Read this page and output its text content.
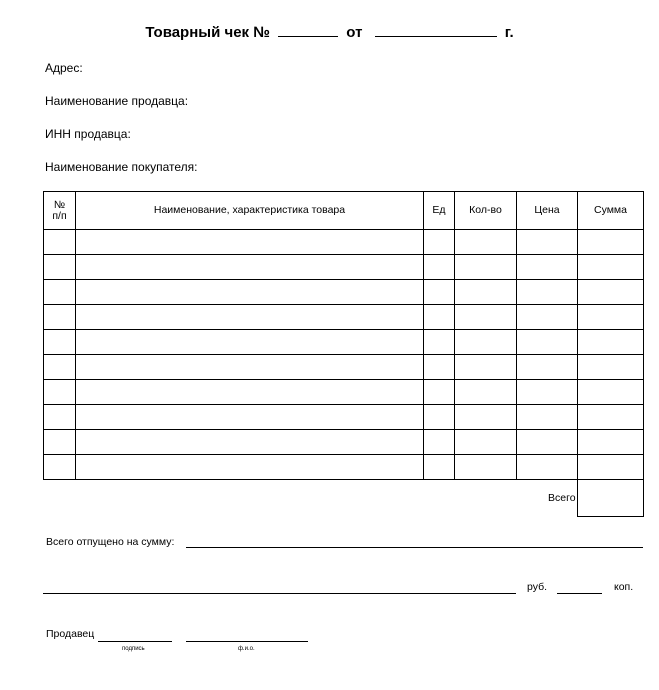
Товарный чек №	от	г.
Адрес:
Наименование продавца:
ИНН продавца:
Наименование покупателя:
№
п/п	Наименование, характеристика товара	Ед	Кол-во	Цена	Сумма

Всего
Всего отпущено на сумму:
руб.	коп.
Продавец
подпись	ф.и.о.
